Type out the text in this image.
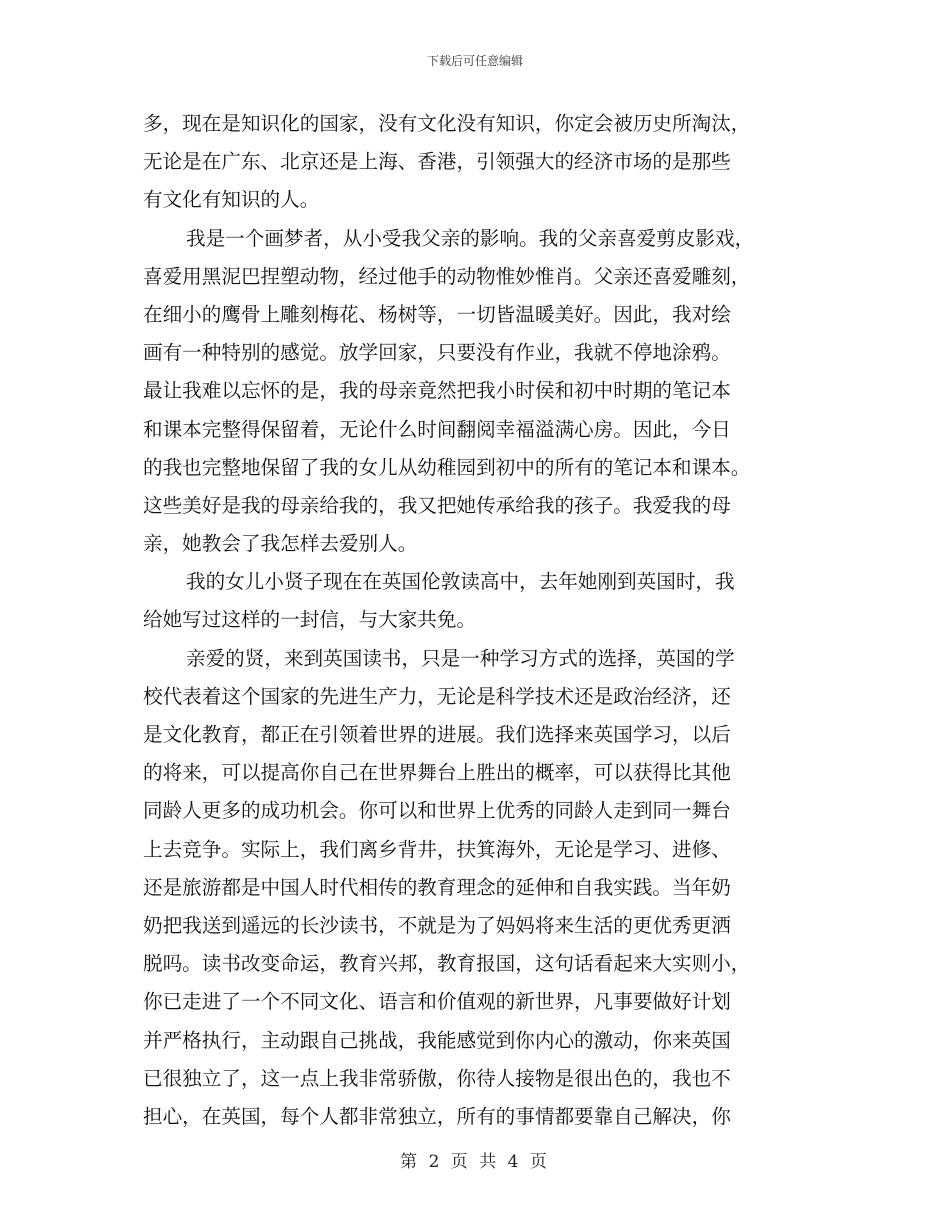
下载后可任意编辑
多，现在是知识化的国家，没有文化没有知识，你定会被历史所淘汰，
无论是在广东、北京还是上海、香港，引领强大的经济市场的是那些
有文化有知识的人。
我是一个画梦者，从小受我父亲的影响。我的父亲喜爱剪皮影戏，
喜爱用黑泥巴捏塑动物，经过他手的动物惟妙惟肖。父亲还喜爱雕刻，
在细小的鹰骨上雕刻梅花、杨树等，一切皆温暖美好。因此，我对绘
画有一种特别的感觉。放学回家，只要没有作业，我就不停地涂鸦。
最让我难以忘怀的是，我的母亲竟然把我小时侯和初中时期的笔记本
和课本完整得保留着，无论什么时间翻阅幸福溢满心房。因此，今日
的我也完整地保留了我的女儿从幼稚园到初中的所有的笔记本和课本。
这些美好是我的母亲给我的，我又把她传承给我的孩子。我爱我的母
亲，她教会了我怎样去爱别人。
我的女儿小贤子现在在英国伦敦读高中，去年她刚到英国时，我
给她写过这样的一封信，与大家共免。
亲爱的贤，来到英国读书，只是一种学习方式的选择，英国的学
校代表着这个国家的先进生产力，无论是科学技术还是政治经济，还
是文化教育，都正在引领着世界的进展。我们选择来英国学习，以后
的将来，可以提高你自己在世界舞台上胜出的概率，可以获得比其他
同龄人更多的成功机会。你可以和世界上优秀的同龄人走到同一舞台
上去竞争。实际上，我们离乡背井，扶箕海外，无论是学习、进修、
还是旅游都是中国人时代相传的教育理念的延伸和自我实践。当年奶
奶把我送到遥远的长沙读书，不就是为了妈妈将来生活的更优秀更洒
脱吗。读书改变命运，教育兴邦，教育报国，这句话看起来大实则小，
你已走进了一个不同文化、语言和价值观的新世界，凡事要做好计划
并严格执行，主动跟自己挑战，我能感觉到你内心的激动，你来英国
已很独立了，这一点上我非常骄傲，你待人接物是很出色的，我也不
担心，在英国，每个人都非常独立，所有的事情都要靠自己解决，你
第 2 页 共 4 页
